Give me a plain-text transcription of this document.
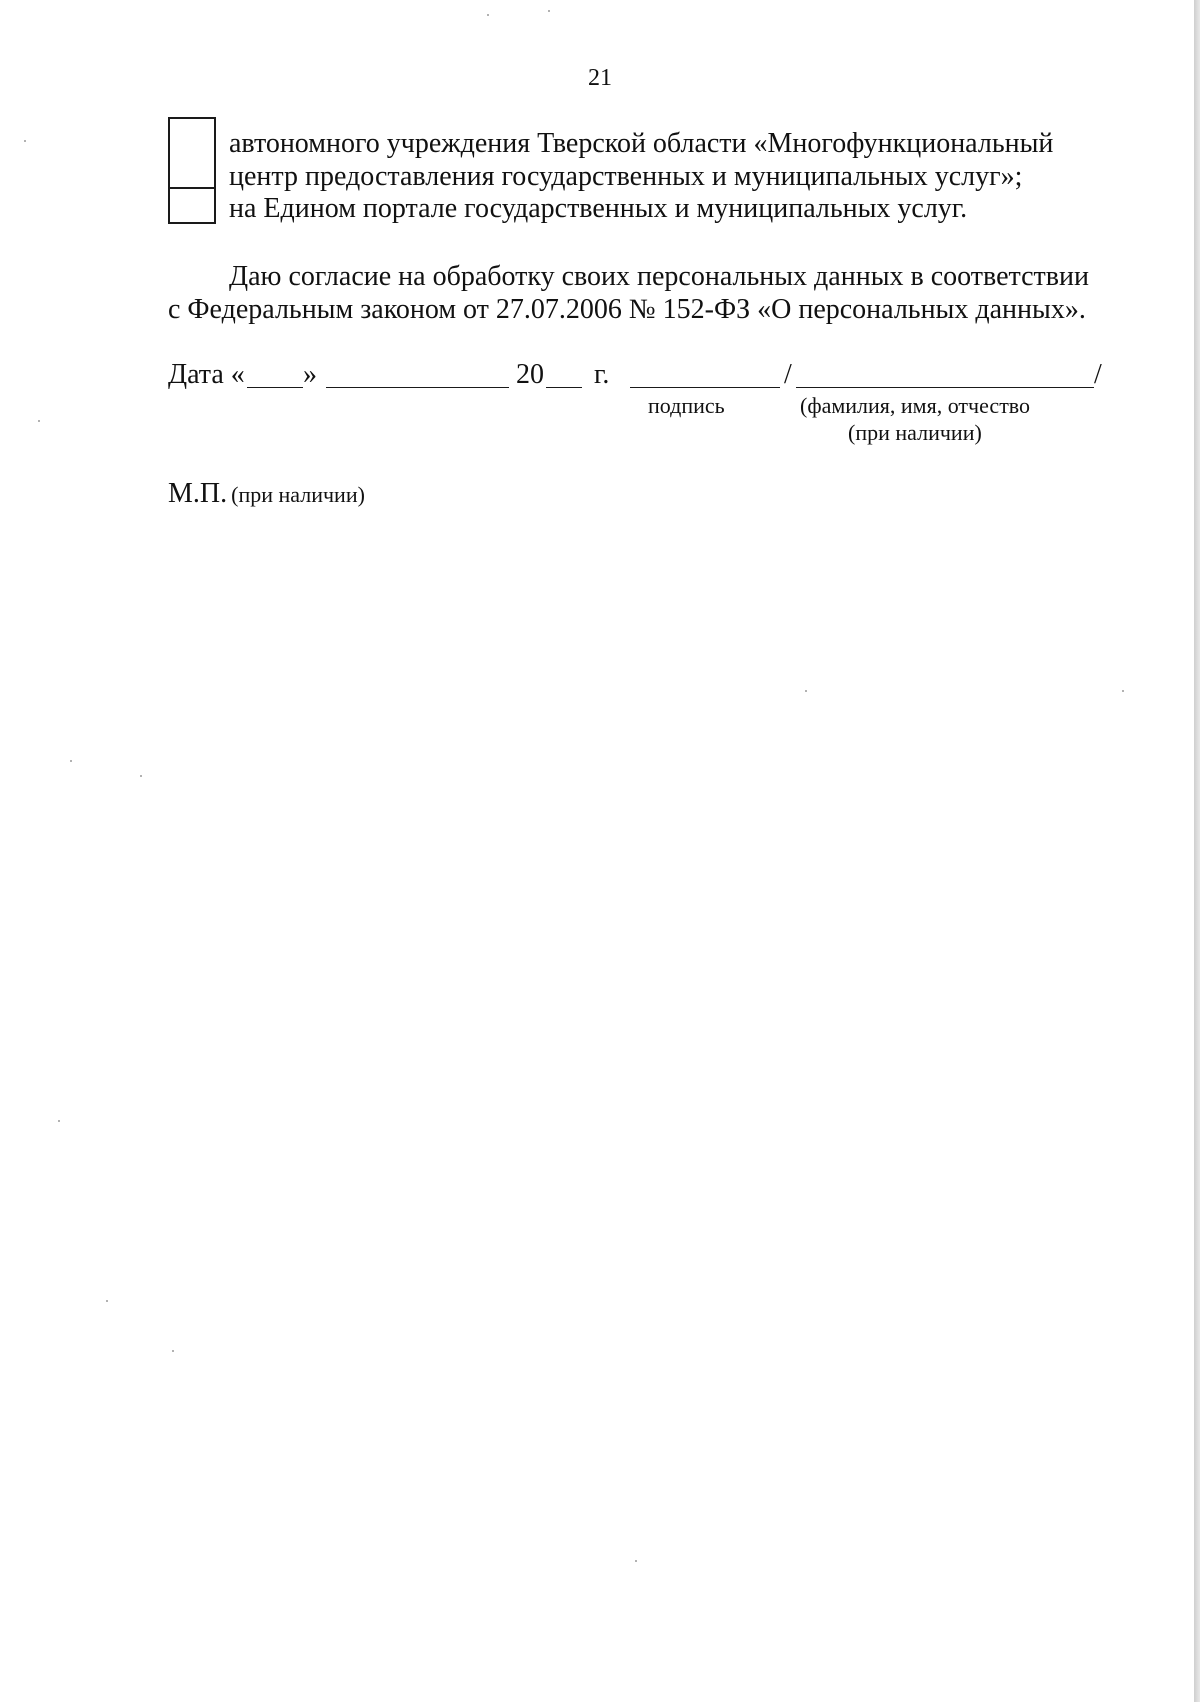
21
автономного учреждения Тверской области «Многофункциональный
центр предоставления государственных и муниципальных услуг»;
на Едином портале государственных и муниципальных услуг.
Даю согласие на обработку своих персональных данных в соответствии
с Федеральным законом от 27.07.2006 № 152-ФЗ «О персональных данных».
Дата « »	20 г.	/	/
подпись	(фамилия, имя, отчество
(при наличии)
М.П. (при наличии)
